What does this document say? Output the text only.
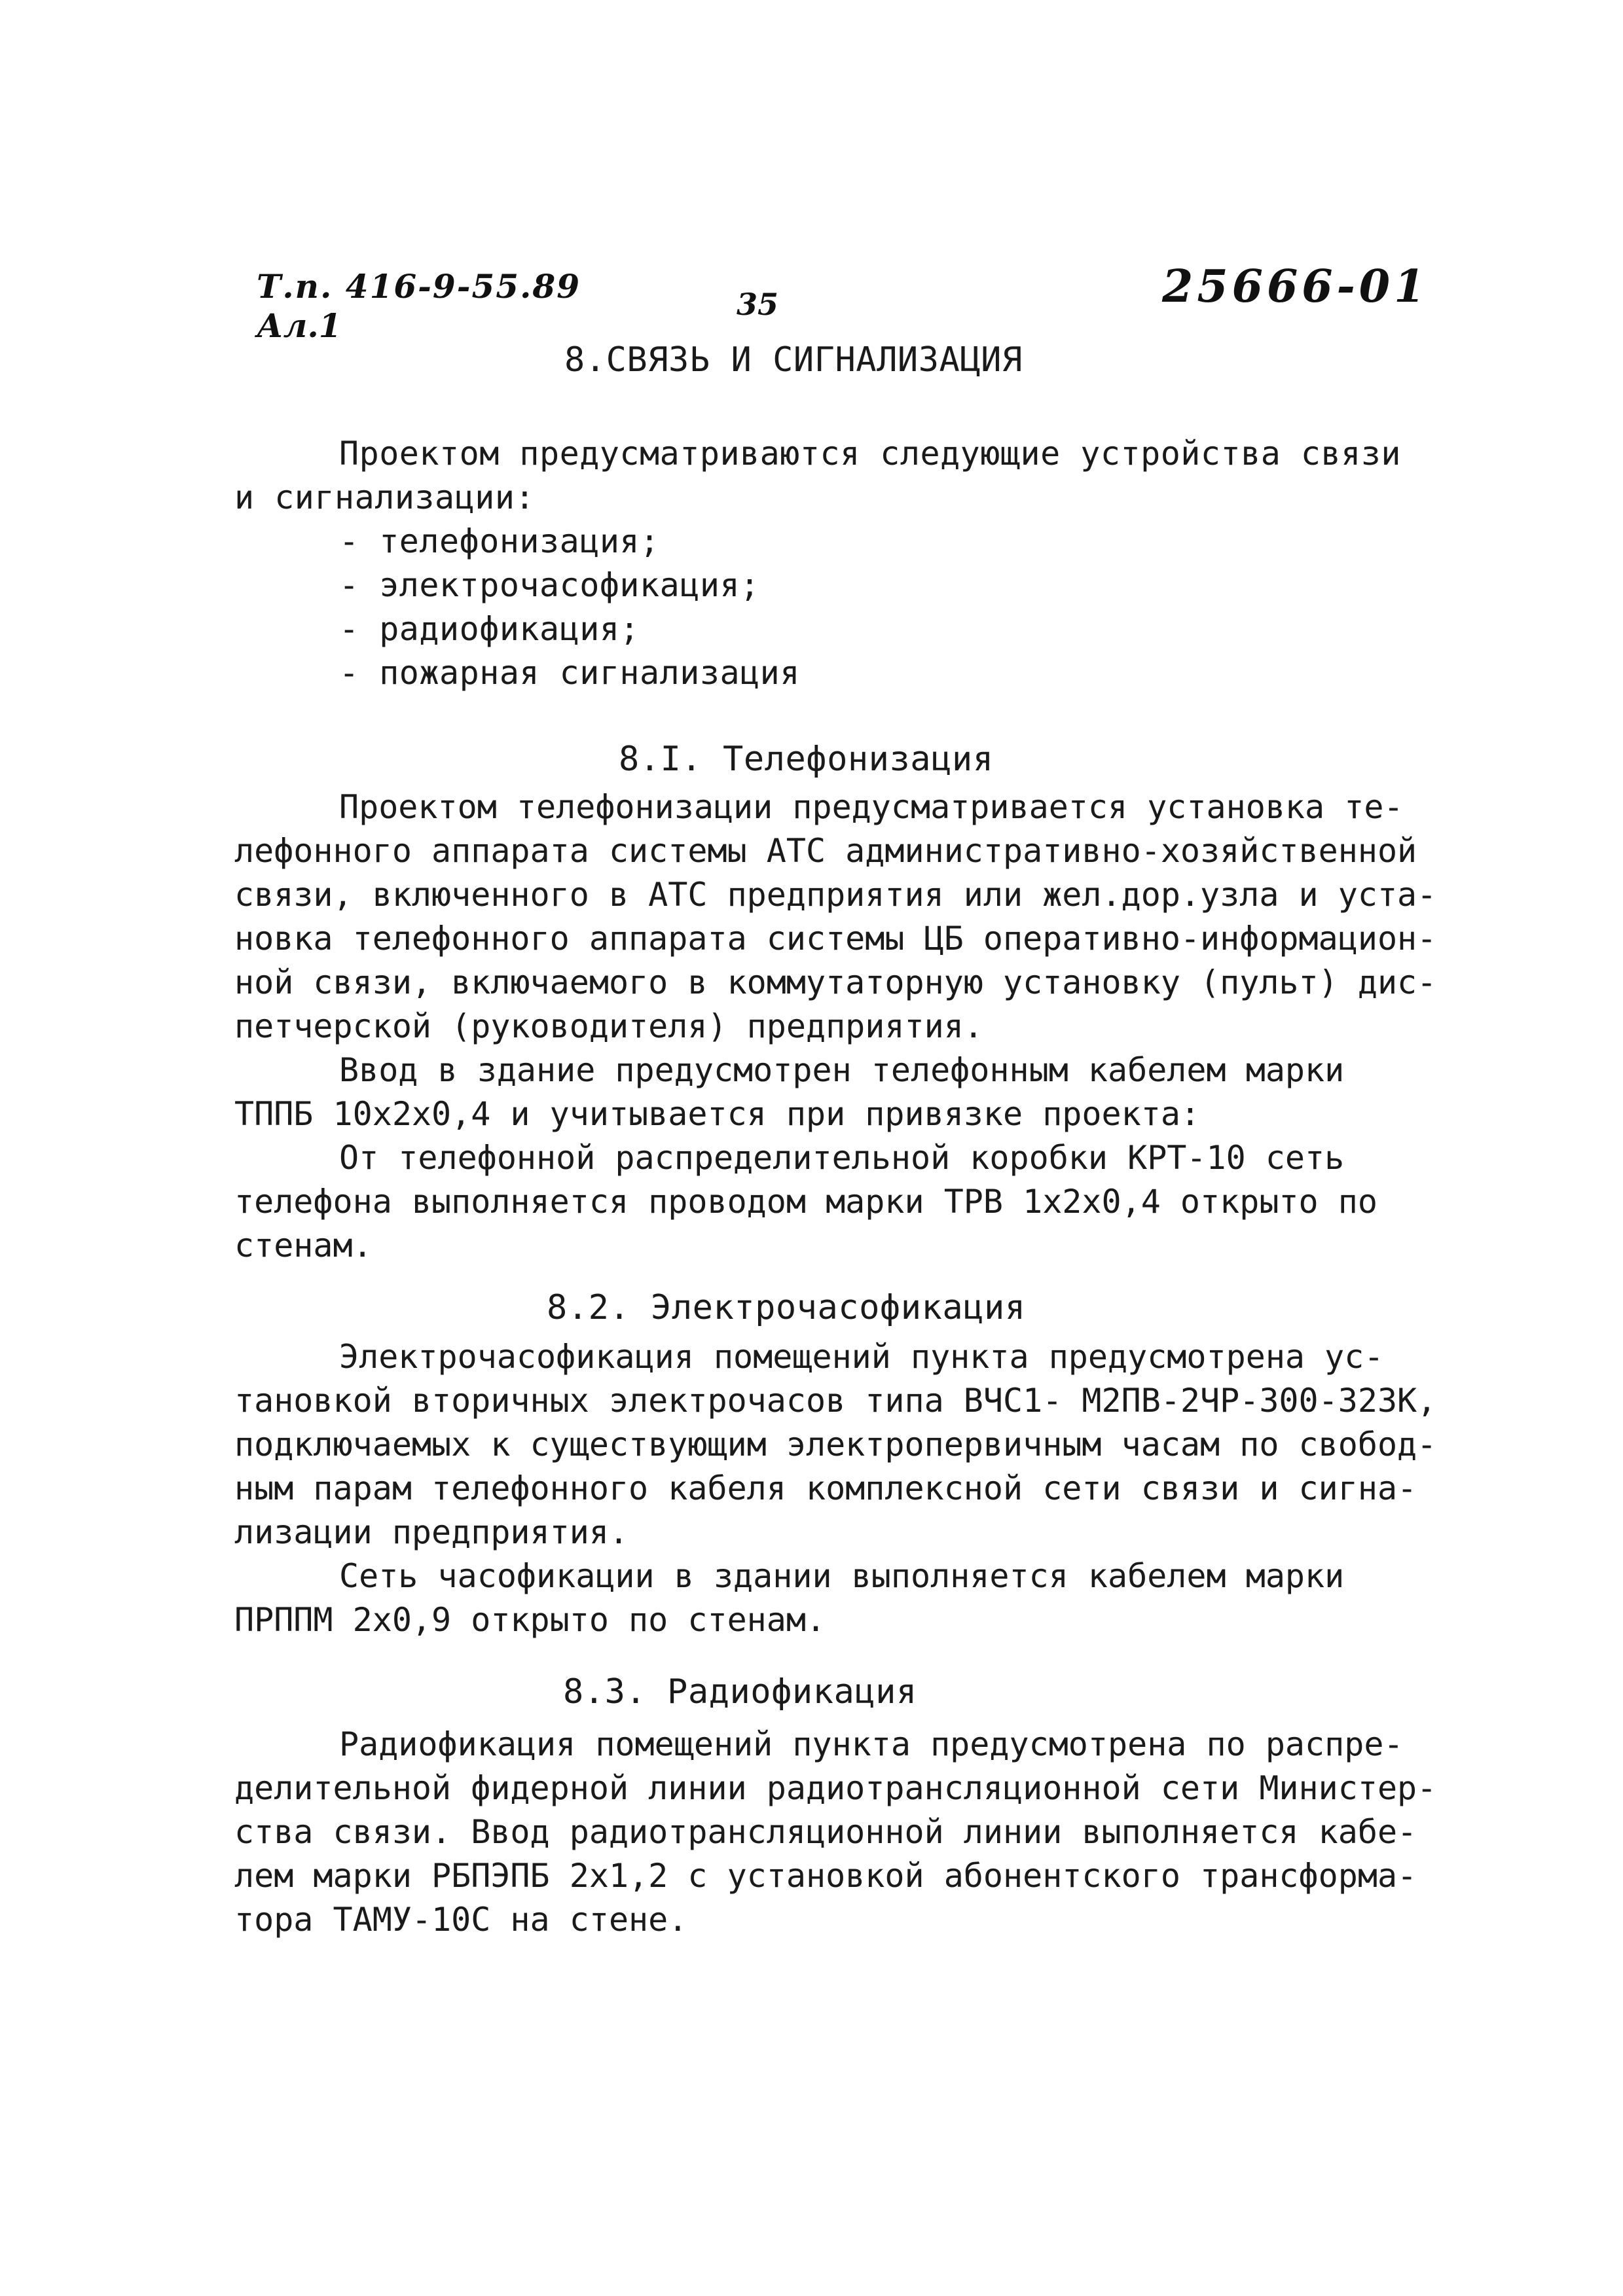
Т.п. 416-9-55.89
Ал.1
35	25666-01
8.СВЯЗЬ И СИГНАЛИЗАЦИЯ
Проектом предусматриваются следующие устройства связи
и сигнализации:
- телефонизация;
- электрочасофикация;
- радиофикация;
- пожарная сигнализация
8.I. Телефонизация
Проектом телефонизации предусматривается установка те-
лефонного аппарата системы АТС административно-хозяйственной
связи, включенного в АТС предприятия или жел.дор.узла и уста-
новка телефонного аппарата системы ЦБ оперативно-информацион-
ной связи, включаемого в коммутаторную установку (пульт) дис-
петчерской (руководителя) предприятия.
Ввод в здание предусмотрен телефонным кабелем марки
ТППБ 10х2х0,4 и учитывается при привязке проекта:
От телефонной распределительной коробки КРТ-10 сеть
телефона выполняется проводом марки ТРВ 1х2х0,4 открыто по
стенам.
8.2. Электрочасофикация
Электрочасофикация помещений пункта предусмотрена ус-
тановкой вторичных электрочасов типа ВЧС1- М2ПВ-2ЧР-300-323К,
подключаемых к существующим электропервичным часам по свобод-
ным парам телефонного кабеля комплексной сети связи и сигна-
лизации предприятия.
Сеть часофикации в здании выполняется кабелем марки
ПРППМ 2х0,9 открыто по стенам.
8.3. Радиофикация
Радиофикация помещений пункта предусмотрена по распре-
делительной фидерной линии радиотрансляционной сети Министер-
ства связи. Ввод радиотрансляционной линии выполняется кабе-
лем марки РБПЭПБ 2х1,2 с установкой абонентского трансформа-
тора ТАМУ-10С на стене.
